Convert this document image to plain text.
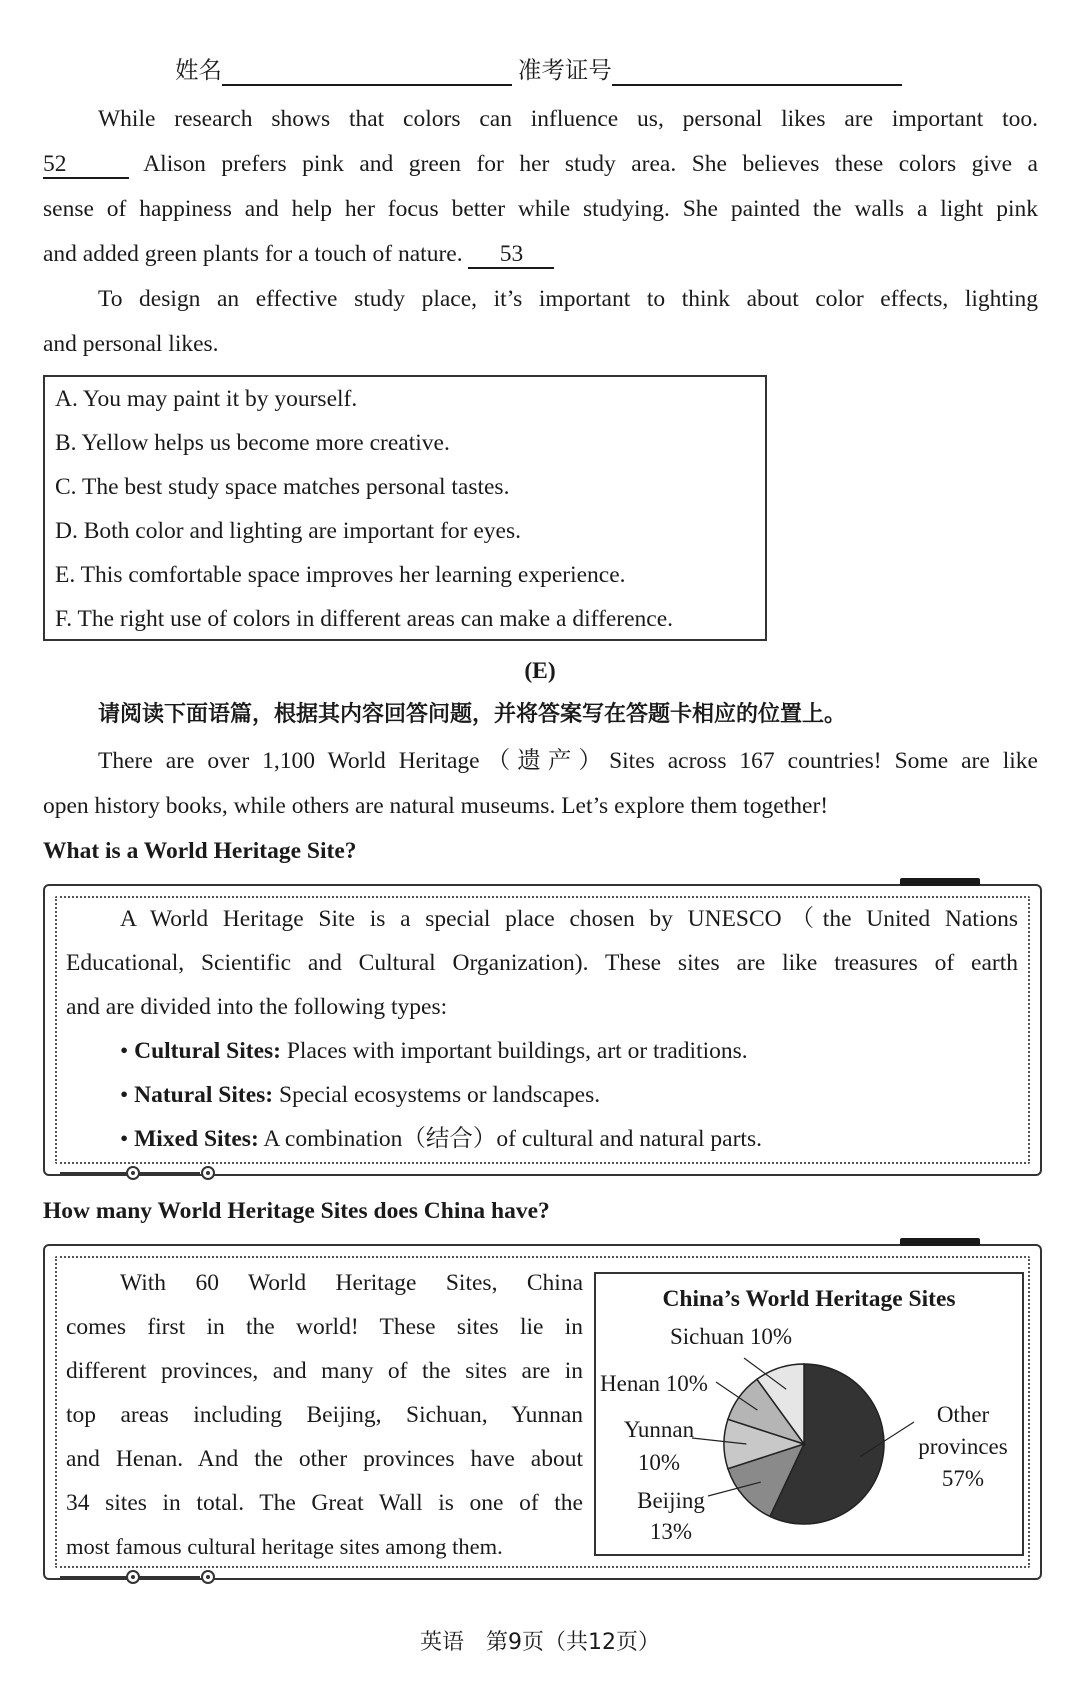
姓名	准考证号
While research shows that colors can influence us, personal likes are important too.
52	Alison prefers pink and green for her study area. She believes these colors give a
sense of happiness and help her focus better while studying. She painted the walls a light pink
and added green plants for a touch of nature. 53
To design an effective study place, it’s important to think about color effects, lighting
and personal likes.
A. You may paint it by yourself.
B. Yellow helps us become more creative.
C. The best study space matches personal tastes.
D. Both color and lighting are important for eyes.
E. This comfortable space improves her learning experience.
F. The right use of colors in different areas can make a difference.
(E)
请阅读下面语篇，根据其内容回答问题，并将答案写在答题卡相应的位置上。
There are over 1,100 World Heritage（遗产）Sites across 167 countries! Some are like
open history books, while others are natural museums. Let’s explore them together!
What is a World Heritage Site?
A World Heritage Site is a special place chosen by UNESCO（the United Nations
Educational, Scientific and Cultural Organization). These sites are like treasures of earth
and are divided into the following types:
• Cultural Sites: Places with important buildings, art or traditions.
• Natural Sites: Special ecosystems or landscapes.
• Mixed Sites: A combination（结合）of cultural and natural parts.
How many World Heritage Sites does China have?
With 60 World Heritage Sites, China
comes first in the world! These sites lie in
different provinces, and many of the sites are in
top areas including Beijing, Sichuan, Yunnan
and Henan. And the other provinces have about
34 sites in total. The Great Wall is one of the
most famous cultural heritage sites among them.
China’s World Heritage Sites
Sichuan 10%
Henan 10%
Yunnan
10%
Beijing
13%
Other
provinces
57%
英语　第9页（共12页）
